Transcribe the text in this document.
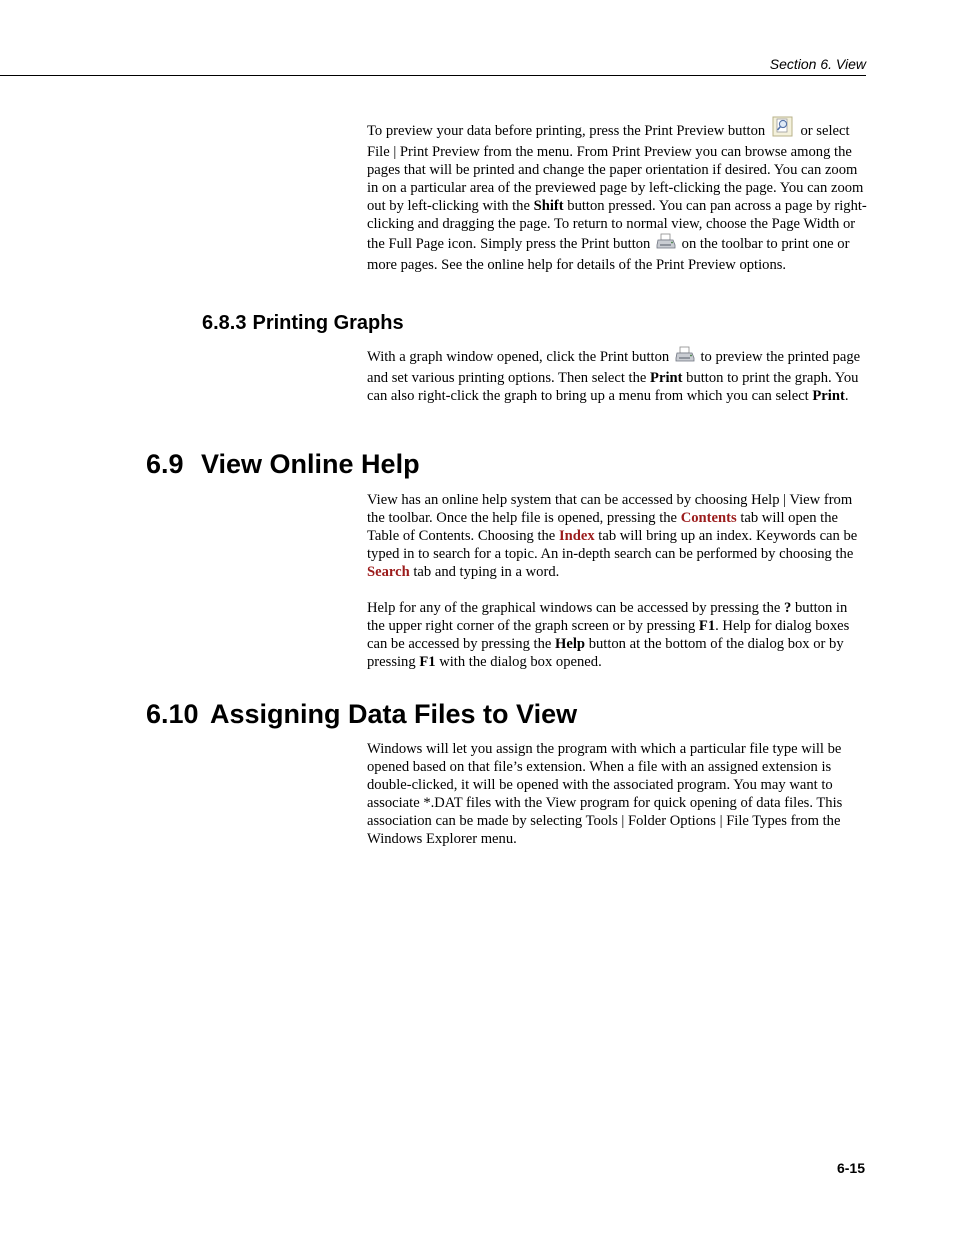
Section 6. View

To preview your data before printing, press the Print Preview button or select File | Print Preview from the menu. From Print Preview you can browse among the pages that will be printed and change the paper orientation if desired. You can zoom in on a particular area of the previewed page by left-clicking the page. You can zoom out by left-clicking with the Shift button pressed. You can pan across a page by right-clicking and dragging the page. To return to normal view, choose the Page Width or the Full Page icon. Simply press the Print button on the toolbar to print one or more pages. See the online help for details of the Print Preview options.

6.8.3 Printing Graphs

With a graph window opened, click the Print button to preview the printed page and set various printing options. Then select the Print button to print the graph. You can also right-click the graph to bring up a menu from which you can select Print.

6.9 View Online Help

View has an online help system that can be accessed by choosing Help | View from the toolbar. Once the help file is opened, pressing the Contents tab will open the Table of Contents. Choosing the Index tab will bring up an index. Keywords can be typed in to search for a topic. An in-depth search can be performed by choosing the Search tab and typing in a word.

Help for any of the graphical windows can be accessed by pressing the ? button in the upper right corner of the graph screen or by pressing F1. Help for dialog boxes can be accessed by pressing the Help button at the bottom of the dialog box or by pressing F1 with the dialog box opened.

6.10 Assigning Data Files to View

Windows will let you assign the program with which a particular file type will be opened based on that file’s extension. When a file with an assigned extension is double-clicked, it will be opened with the associated program. You may want to associate *.DAT files with the View program for quick opening of data files. This association can be made by selecting Tools | Folder Options | File Types from the Windows Explorer menu.

6-15
